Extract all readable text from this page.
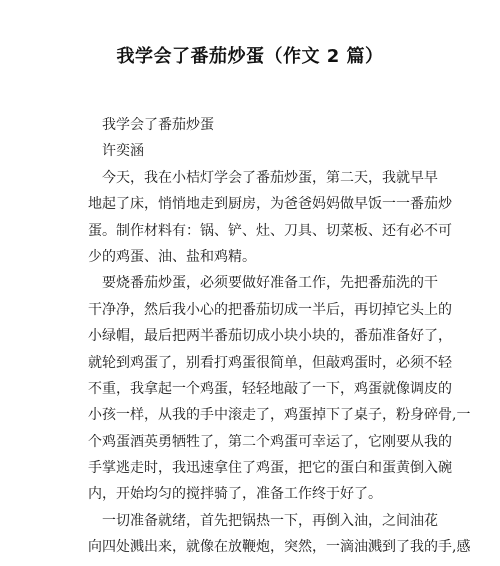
我学会了番茄炒蛋（作文 2 篇）
我学会了番茄炒蛋
许奕涵
今天，我在小桔灯学会了番茄炒蛋，第二天，我就早早
地起了床，悄悄地走到厨房，为爸爸妈妈做早饭一一番茄炒
蛋。制作材料有：锅、铲、灶、刀具、切菜板、还有必不可
少的鸡蛋、油、盐和鸡精。
要烧番茄炒蛋，必须要做好准备工作，先把番茄洗的干
干净净，然后我小心的把番茄切成一半后，再切掉它头上的
小绿帽，最后把两半番茄切成小块小块的，番茄准备好了，
就轮到鸡蛋了，别看打鸡蛋很简单，但敲鸡蛋时，必须不轻
不重，我拿起一个鸡蛋，轻轻地敲了一下，鸡蛋就像调皮的
小孩一样，从我的手中滚走了，鸡蛋掉下了桌子，粉身碎骨,一
个鸡蛋酒英勇牺牲了，第二个鸡蛋可幸运了，它刚要从我的
手掌逃走时，我迅速拿住了鸡蛋，把它的蛋白和蛋黄倒入碗
内，开始均匀的搅拌骑了，准备工作终于好了。
一切准备就绪，首先把锅热一下，再倒入油，之间油花
向四处溅出来，就像在放鞭炮，突然，一滴油溅到了我的手,感
